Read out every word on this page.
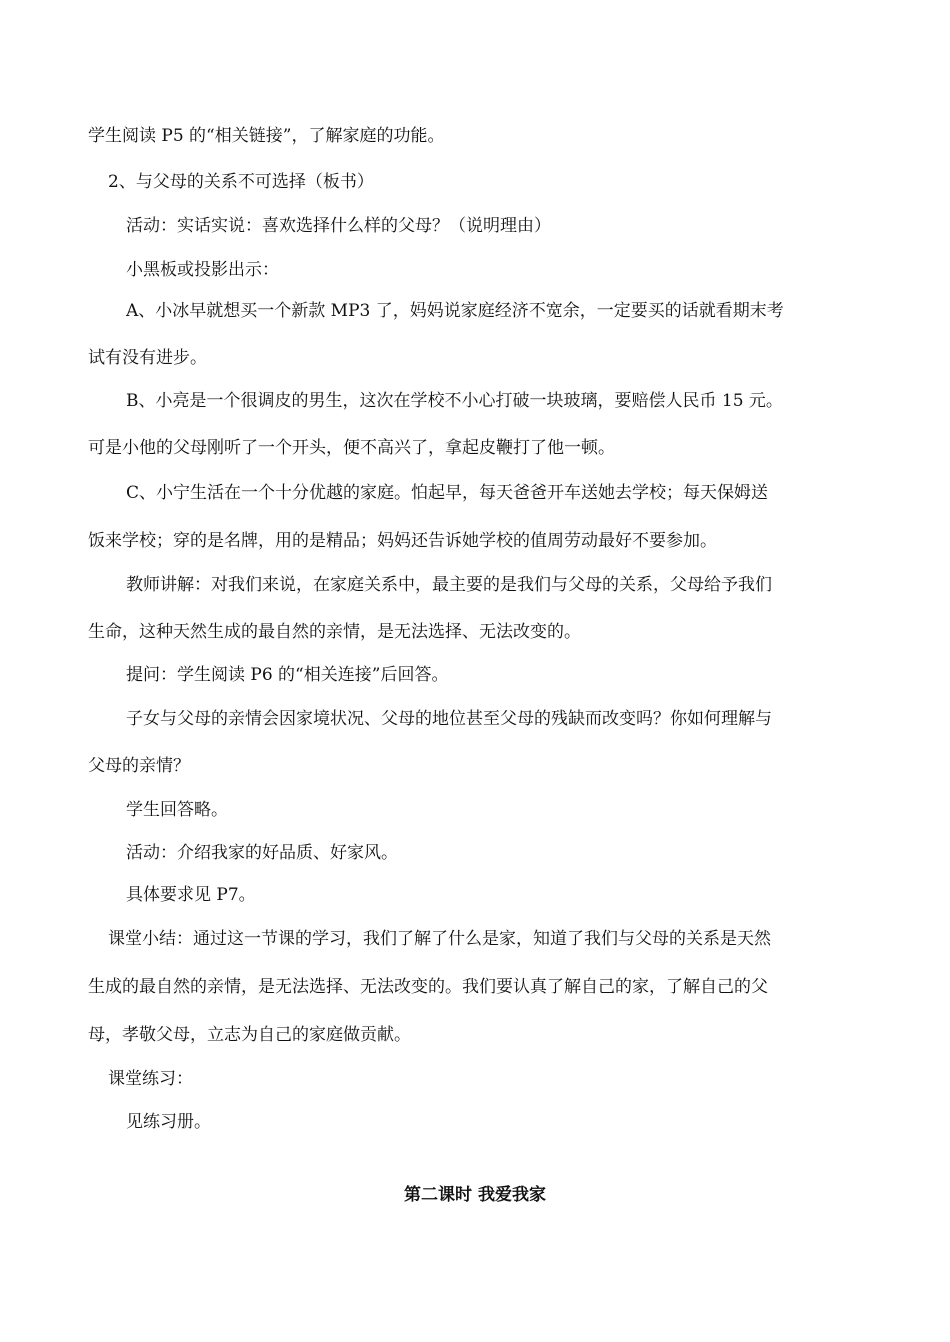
学生阅读 P5 的“相关链接”，了解家庭的功能。
2、与父母的关系不可选择（板书）
活动：实话实说：喜欢选择什么样的父母？（说明理由）
小黑板或投影出示：
A、小冰早就想买一个新款 MP3 了，妈妈说家庭经济不宽余，一定要买的话就看期末考
试有没有进步。
B、小亮是一个很调皮的男生，这次在学校不小心打破一块玻璃，要赔偿人民币 15 元。
可是小他的父母刚听了一个开头，便不高兴了，拿起皮鞭打了他一顿。
C、小宁生活在一个十分优越的家庭。怕起早，每天爸爸开车送她去学校；每天保姆送
饭来学校；穿的是名牌，用的是精品；妈妈还告诉她学校的值周劳动最好不要参加。
教师讲解：对我们来说，在家庭关系中，最主要的是我们与父母的关系，父母给予我们
生命，这种天然生成的最自然的亲情，是无法选择、无法改变的。
提问：学生阅读 P6 的“相关连接”后回答。
子女与父母的亲情会因家境状况、父母的地位甚至父母的残缺而改变吗？你如何理解与
父母的亲情？
学生回答略。
活动：介绍我家的好品质、好家风。
具体要求见 P7。
课堂小结：通过这一节课的学习，我们了解了什么是家，知道了我们与父母的关系是天然
生成的最自然的亲情，是无法选择、无法改变的。我们要认真了解自己的家，了解自己的父
母，孝敬父母，立志为自己的家庭做贡献。
课堂练习：
见练习册。
第二课时 我爱我家
